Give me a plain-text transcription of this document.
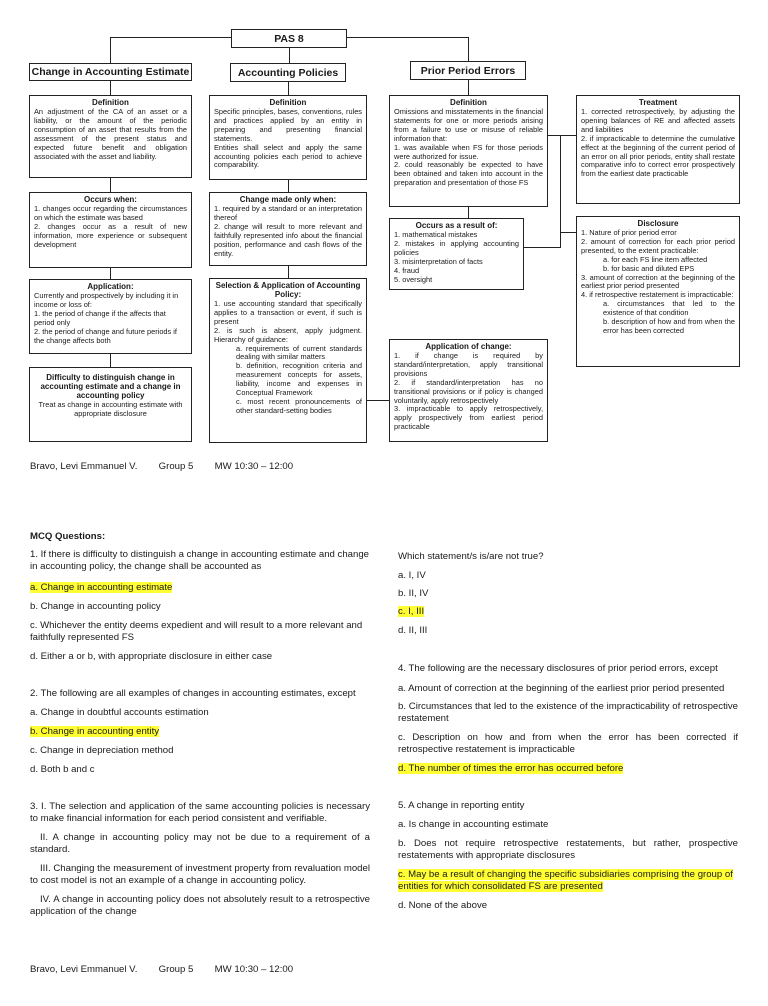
PAS 8
Change in Accounting Estimate	Accounting Policies	Prior Period Errors
Definition

An adjustment of the CA of an asset or a liability, or the amount of the periodic consumption of an asset that results from the assessment of the present status and expected future benefit and obligation associated with the asset and liability.

Occurs when:

1. changes occur regarding the circumstances on which the estimate was based

2. changes occur as a result of new information, more experience or subsequent development

Application:

Currently and prospectively by including it in income or loss of:

1. the period of change if the affects that period only

2. the period of change and future periods if the change affects both

Difficulty to distinguish change in accounting estimate and a change in accounting policy

Treat as change in accounting estimate with appropriate disclosure

Definition

Specific principles, bases, conventions, rules and practices applied by an entity in preparing and presenting financial statements.

Entities shall select and apply the same accounting policies each period to achieve comparability.

Change made only when:

1. required by a standard or an interpretation thereof

2. change will result to more relevant and faithfully represented info about the financial position, performance and cash flows of the entity.

Selection & Application of Accounting Policy:

1. use accounting standard that specifically applies to a transaction or event, if such is present

2. is such is absent, apply judgment. Hierarchy of guidance:

a. requirements of current standards dealing with similar matters

b. definition, recognition criteria and measurement concepts for assets, liability, income and expenses in Conceptual Framework

c. most recent pronouncements of other standard-setting bodies

Definition

Omissions and misstatements in the financial statements for one or more periods arising from a failure to use or misuse of reliable information that:

1. was available when FS for those periods were authorized for issue.

2. could reasonably be expected to have been obtained and taken into account in the preparation and presentation of those FS

Occurs as a result of:

1. mathematical mistakes

2. mistakes in applying accounting policies

3. misinterpretation of facts

4. fraud

5. oversight

Application of change:

1. if change is required by standard/interpretation, apply transitional provisions

2. if standard/interpretation has no transitional provisions or if policy is changed voluntarily, apply retrospectively

3. impracticable to apply retrospectively, apply prospectively from earliest period practicable

Treatment

1. corrected retrospectively, by adjusting the opening balances of RE and affected assets and liabilities

2. if impracticable to determine the cumulative effect at the beginning of the current period of an error on all prior periods, entity shall restate comparative info to correct error prospectively from the earliest date practicable

Disclosure

1. Nature of prior period error

2. amount of correction for each prior period presented, to the extent practicable:

a. for each FS line item affected

b. for basic and diluted EPS

3. amount of correction at the beginning of the earliest prior period presented

4. if retrospective restatement is impracticable:

a. circumstances that led to the existence of that condition

b. description of how and from when the error has been corrected

Bravo, Levi Emmanuel V.        Group 5        MW 10:30 – 12:00
MCQ Questions:
1. If there is difficulty to distinguish a change in accounting estimate and change in accounting policy, the change shall be accounted as
a. Change in accounting estimate
b. Change in accounting policy
c. Whichever the entity deems expedient and will result to a more relevant and faithfully represented FS
d. Either a or b, with appropriate disclosure in either case
2. The following are all examples of changes in accounting estimates, except
a. Change in doubtful accounts estimation
b. Change in accounting entity
c. Change in depreciation method
d. Both b and c
3. I. The selection and application of the same accounting policies is necessary to make financial information for each period consistent and verifiable.
II. A change in accounting policy may not be due to a requirement of a standard.
III. Changing the measurement of investment property from revaluation model to cost model is not an example of a change in accounting policy.
IV. A change in accounting policy does not absolutely result to a retrospective application of the change
Which statement/s is/are not true?
a. I, IV
b. II, IV
c. I, III
d. II, III
4. The following are the necessary disclosures of prior period errors, except
a. Amount of correction at the beginning of the earliest prior period presented
b. Circumstances that led to the existence of the impracticability of retrospective restatement
c. Description on how and from when the error has been corrected if retrospective restatement is impracticable
d. The number of times the error has occurred before
5. A change in reporting entity
a. Is change in accounting estimate
b. Does not require retrospective restatements, but rather, prospective restatements with appropriate disclosures
c. May be a result of changing the specific subsidiaries comprising the group of entities for which consolidated FS are presented
d. None of the above
Bravo, Levi Emmanuel V.        Group 5        MW 10:30 – 12:00
